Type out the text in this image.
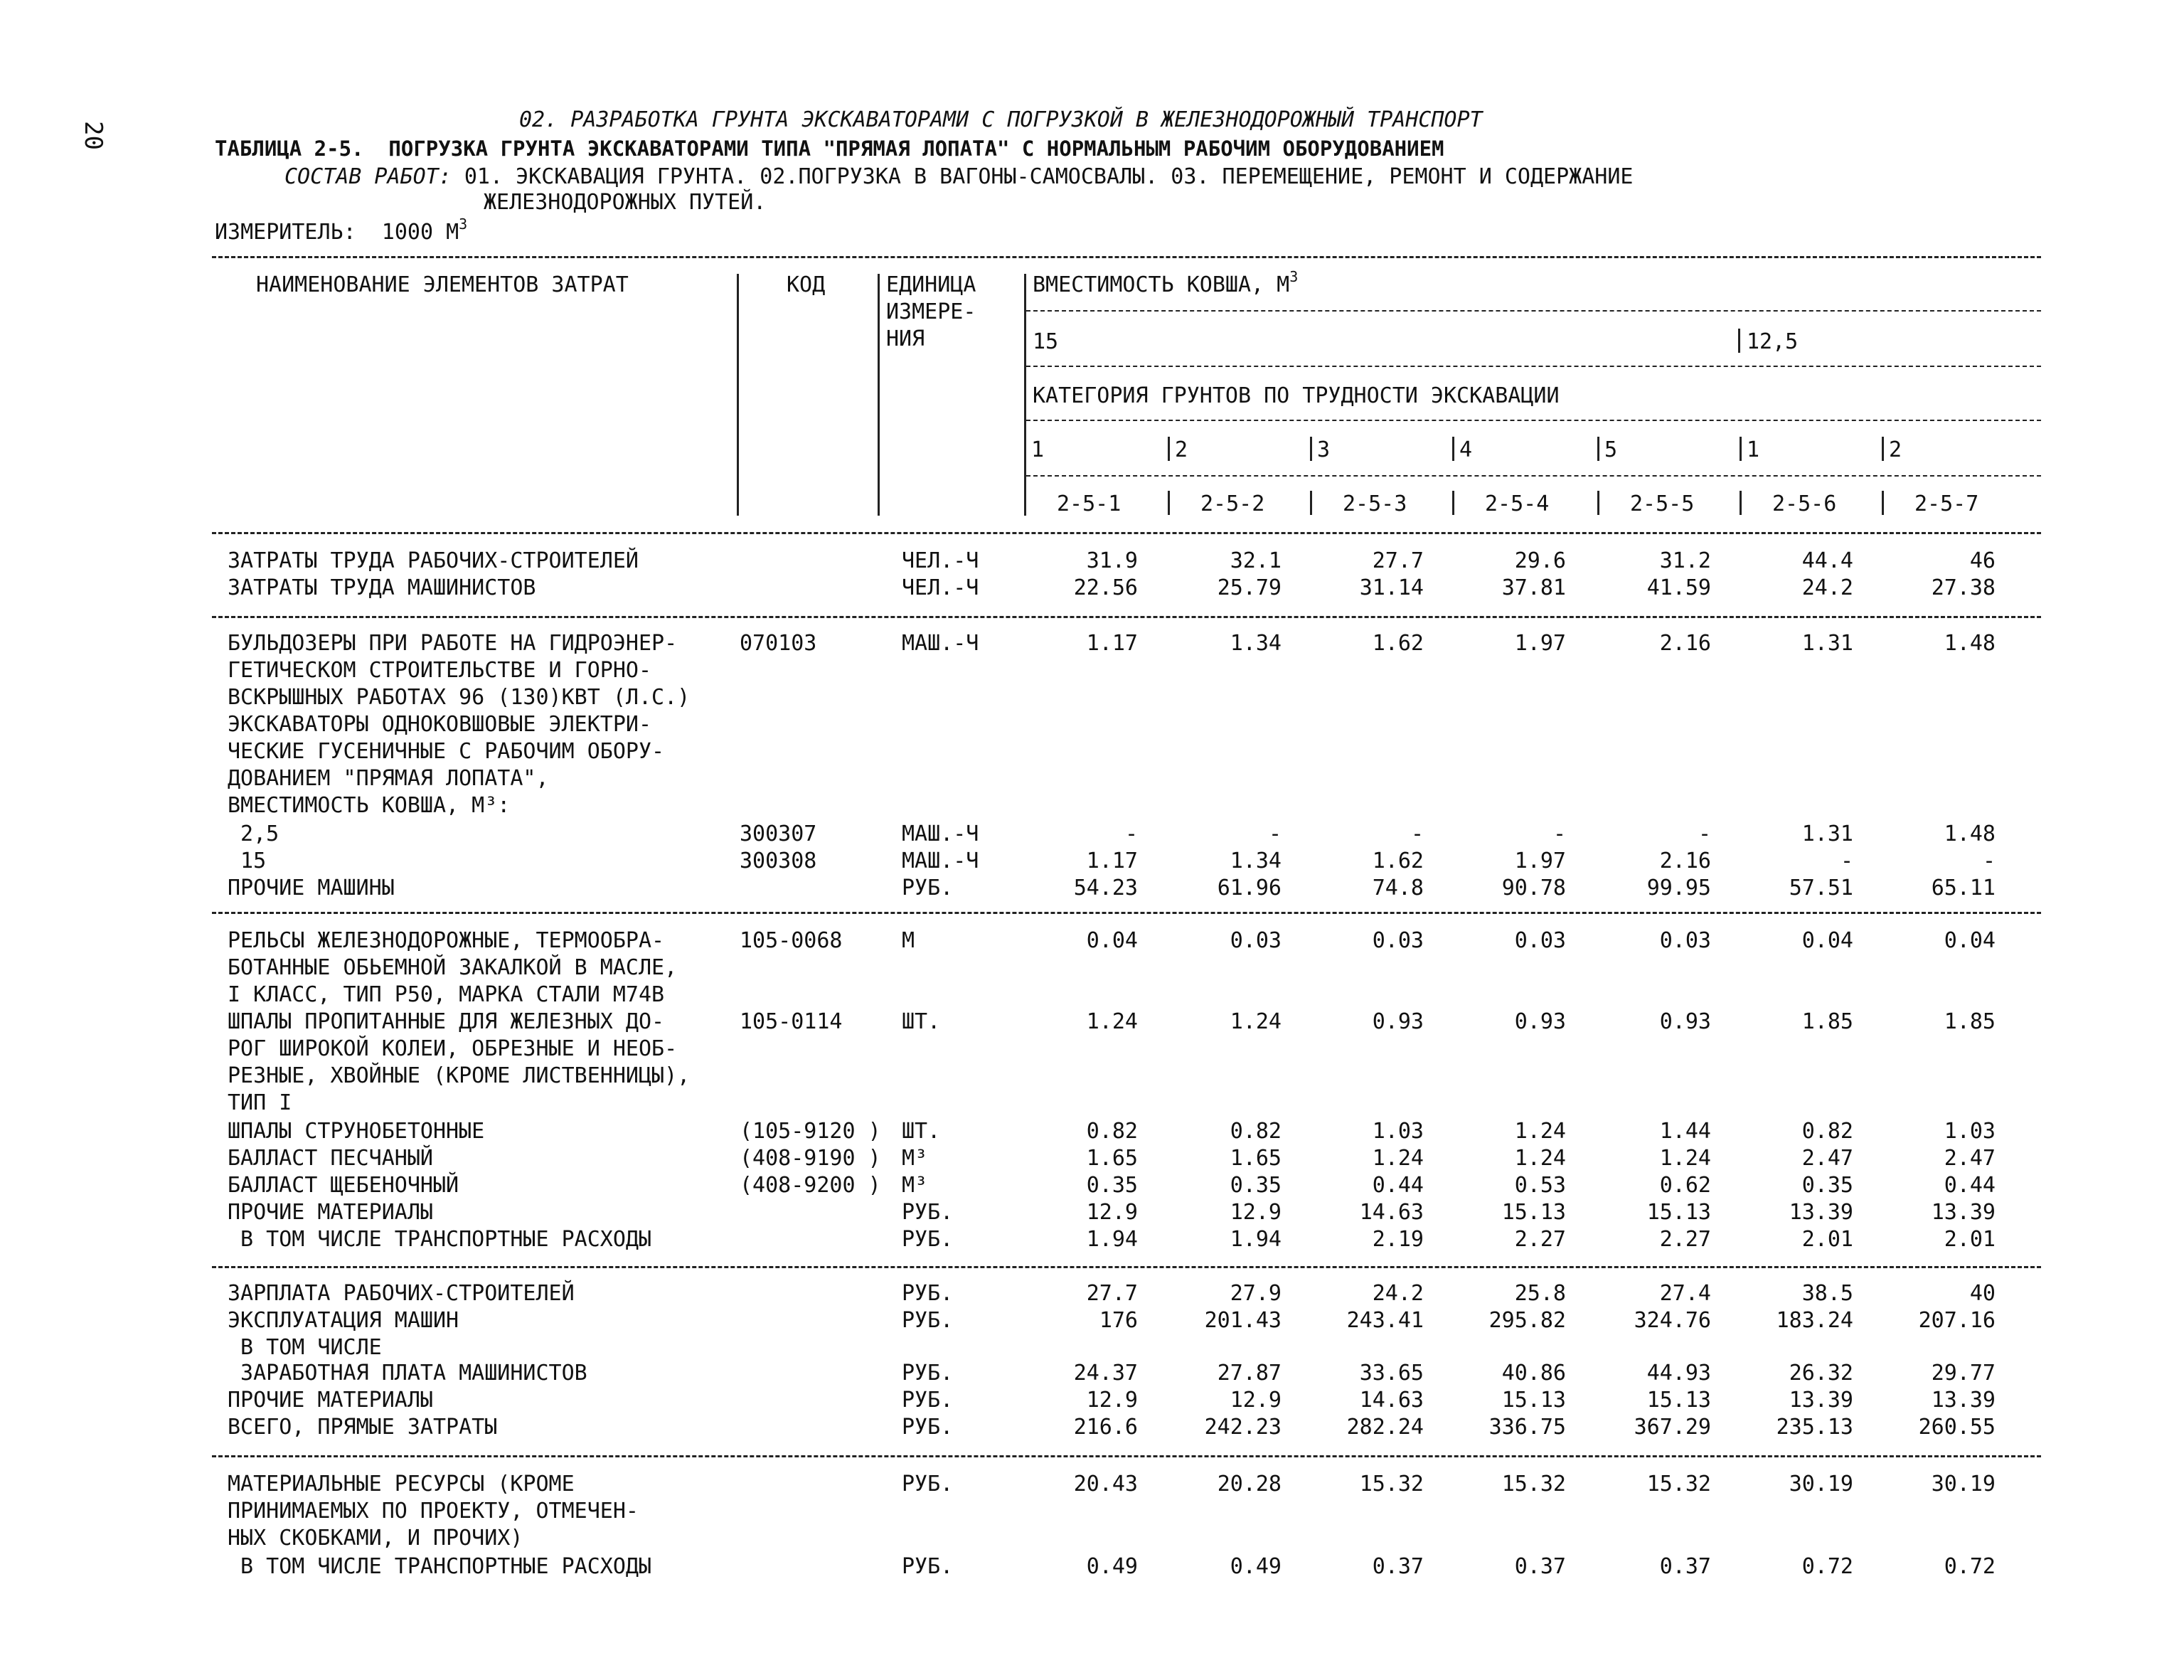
20
02. РАЗРАБОТКА ГРУНТА ЭКСКАВАТОРАМИ С ПОГРУЗКОЙ В ЖЕЛЕЗНОДОРОЖНЫЙ ТРАНСПОРТ
ТАБЛИЦА 2-5.  ПОГРУЗКА ГРУНТА ЭКСКАВАТОРАМИ ТИПА "ПРЯМАЯ ЛОПАТА" С НОРМАЛЬНЫМ РАБОЧИМ ОБОРУДОВАНИЕМ
СОСТАВ РАБОТ: 01. ЭКСКАВАЦИЯ ГРУНТА. 02.ПОГРУЗКА В ВАГОНЫ-САМОСВАЛЫ. 03. ПЕРЕМЕЩЕНИЕ, РЕМОНТ И СОДЕРЖАНИЕ
ЖЕЛЕЗНОДОРОЖНЫХ ПУТЕЙ.
ИЗМЕРИТЕЛЬ:  1000 $М^3$
НАИМЕНОВАНИЕ ЭЛЕМЕНТОВ ЗАТРАТ	КОД	ЕДИНИЦА
ИЗМЕРЕ-
НИЯ
ВМЕСТИМОСТЬ КОВША, $М^3$
15	12,5
КАТЕГОРИЯ ГРУНТОВ ПО ТРУДНОСТИ ЭКСКАВАЦИИ
1	2	3	4	5	1	2
2-5-1	2-5-2	2-5-3	2-5-4	2-5-5	2-5-6	2-5-7
ЗАТРАТЫ ТРУДА РАБОЧИХ-СТРОИТЕЛЕЙ	ЧЕЛ.-Ч	31.9	32.1	27.7	29.6	31.2	44.4	46
ЗАТРАТЫ ТРУДА МАШИНИСТОВ	ЧЕЛ.-Ч	22.56	25.79	31.14	37.81	41.59	24.2	27.38
БУЛЬДОЗЕРЫ ПРИ РАБОТЕ НА ГИДРОЭНЕР-	070103	МАШ.-Ч	1.17	1.34	1.62	1.97	2.16	1.31	1.48
ГЕТИЧЕСКОМ СТРОИТЕЛЬСТВЕ И ГОРНО-
ВСКРЫШНЫХ РАБОТАХ 96 (130)КВТ (Л.С.)
ЭКСКАВАТОРЫ ОДНОКОВШОВЫЕ ЭЛЕКТРИ-
ЧЕСКИЕ ГУСЕНИЧНЫЕ С РАБОЧИМ ОБОРУ-
ДОВАНИЕМ "ПРЯМАЯ ЛОПАТА",
ВМЕСТИМОСТЬ КОВША, М³:
2,5	300307	МАШ.-Ч	-	-	-	-	-	1.31	1.48
15	300308	МАШ.-Ч	1.17	1.34	1.62	1.97	2.16	-	-
ПРОЧИЕ МАШИНЫ	РУБ.	54.23	61.96	74.8	90.78	99.95	57.51	65.11
РЕЛЬСЫ ЖЕЛЕЗНОДОРОЖНЫЕ, ТЕРМООБРА-	105-0068	М	0.04	0.03	0.03	0.03	0.03	0.04	0.04
БОТАННЫЕ ОБЬЕМНОЙ ЗАКАЛКОЙ В МАСЛЕ,
I КЛАСС, ТИП Р50, МАРКА СТАЛИ М74В
ШПАЛЫ ПРОПИТАННЫЕ ДЛЯ ЖЕЛЕЗНЫХ ДО-	105-0114	ШТ.	1.24	1.24	0.93	0.93	0.93	1.85	1.85
РОГ ШИРОКОЙ КОЛЕИ, ОБРЕЗНЫЕ И НЕОБ-
РЕЗНЫЕ, ХВОЙНЫЕ (КРОМЕ ЛИСТВЕННИЦЫ),
ТИП I
ШПАЛЫ СТРУНОБЕТОННЫЕ	(105-9120 ) ШТ.	0.82	0.82	1.03	1.24	1.44	0.82	1.03
БАЛЛАСТ ПЕСЧАНЫЙ	(408-9190 ) М³	1.65	1.65	1.24	1.24	1.24	2.47	2.47
БАЛЛАСТ ЩЕБЕНОЧНЫЙ	(408-9200 ) М³	0.35	0.35	0.44	0.53	0.62	0.35	0.44
ПРОЧИЕ МАТЕРИАЛЫ	РУБ.	12.9	12.9	14.63	15.13	15.13	13.39	13.39
В ТОМ ЧИСЛЕ ТРАНСПОРТНЫЕ РАСХОДЫ	РУБ.	1.94	1.94	2.19	2.27	2.27	2.01	2.01
ЗАРПЛАТА РАБОЧИХ-СТРОИТЕЛЕЙ	РУБ.	27.7	27.9	24.2	25.8	27.4	38.5	40
ЭКСПЛУАТАЦИЯ МАШИН	РУБ.	176	201.43	243.41	295.82	324.76	183.24	207.16
В ТОМ ЧИСЛЕ
ЗАРАБОТНАЯ ПЛАТА МАШИНИСТОВ	РУБ.	24.37	27.87	33.65	40.86	44.93	26.32	29.77
ПРОЧИЕ МАТЕРИАЛЫ	РУБ.	12.9	12.9	14.63	15.13	15.13	13.39	13.39
ВСЕГО, ПРЯМЫЕ ЗАТРАТЫ	РУБ.	216.6	242.23	282.24	336.75	367.29	235.13	260.55
МАТЕРИАЛЬНЫЕ РЕСУРСЫ (КРОМЕ	РУБ.	20.43	20.28	15.32	15.32	15.32	30.19	30.19
ПРИНИМАЕМЫХ ПО ПРОЕКТУ, ОТМЕЧЕН-
НЫХ СКОБКАМИ, И ПРОЧИХ)
В ТОМ ЧИСЛЕ ТРАНСПОРТНЫЕ РАСХОДЫ	РУБ.	0.49	0.49	0.37	0.37	0.37	0.72	0.72
